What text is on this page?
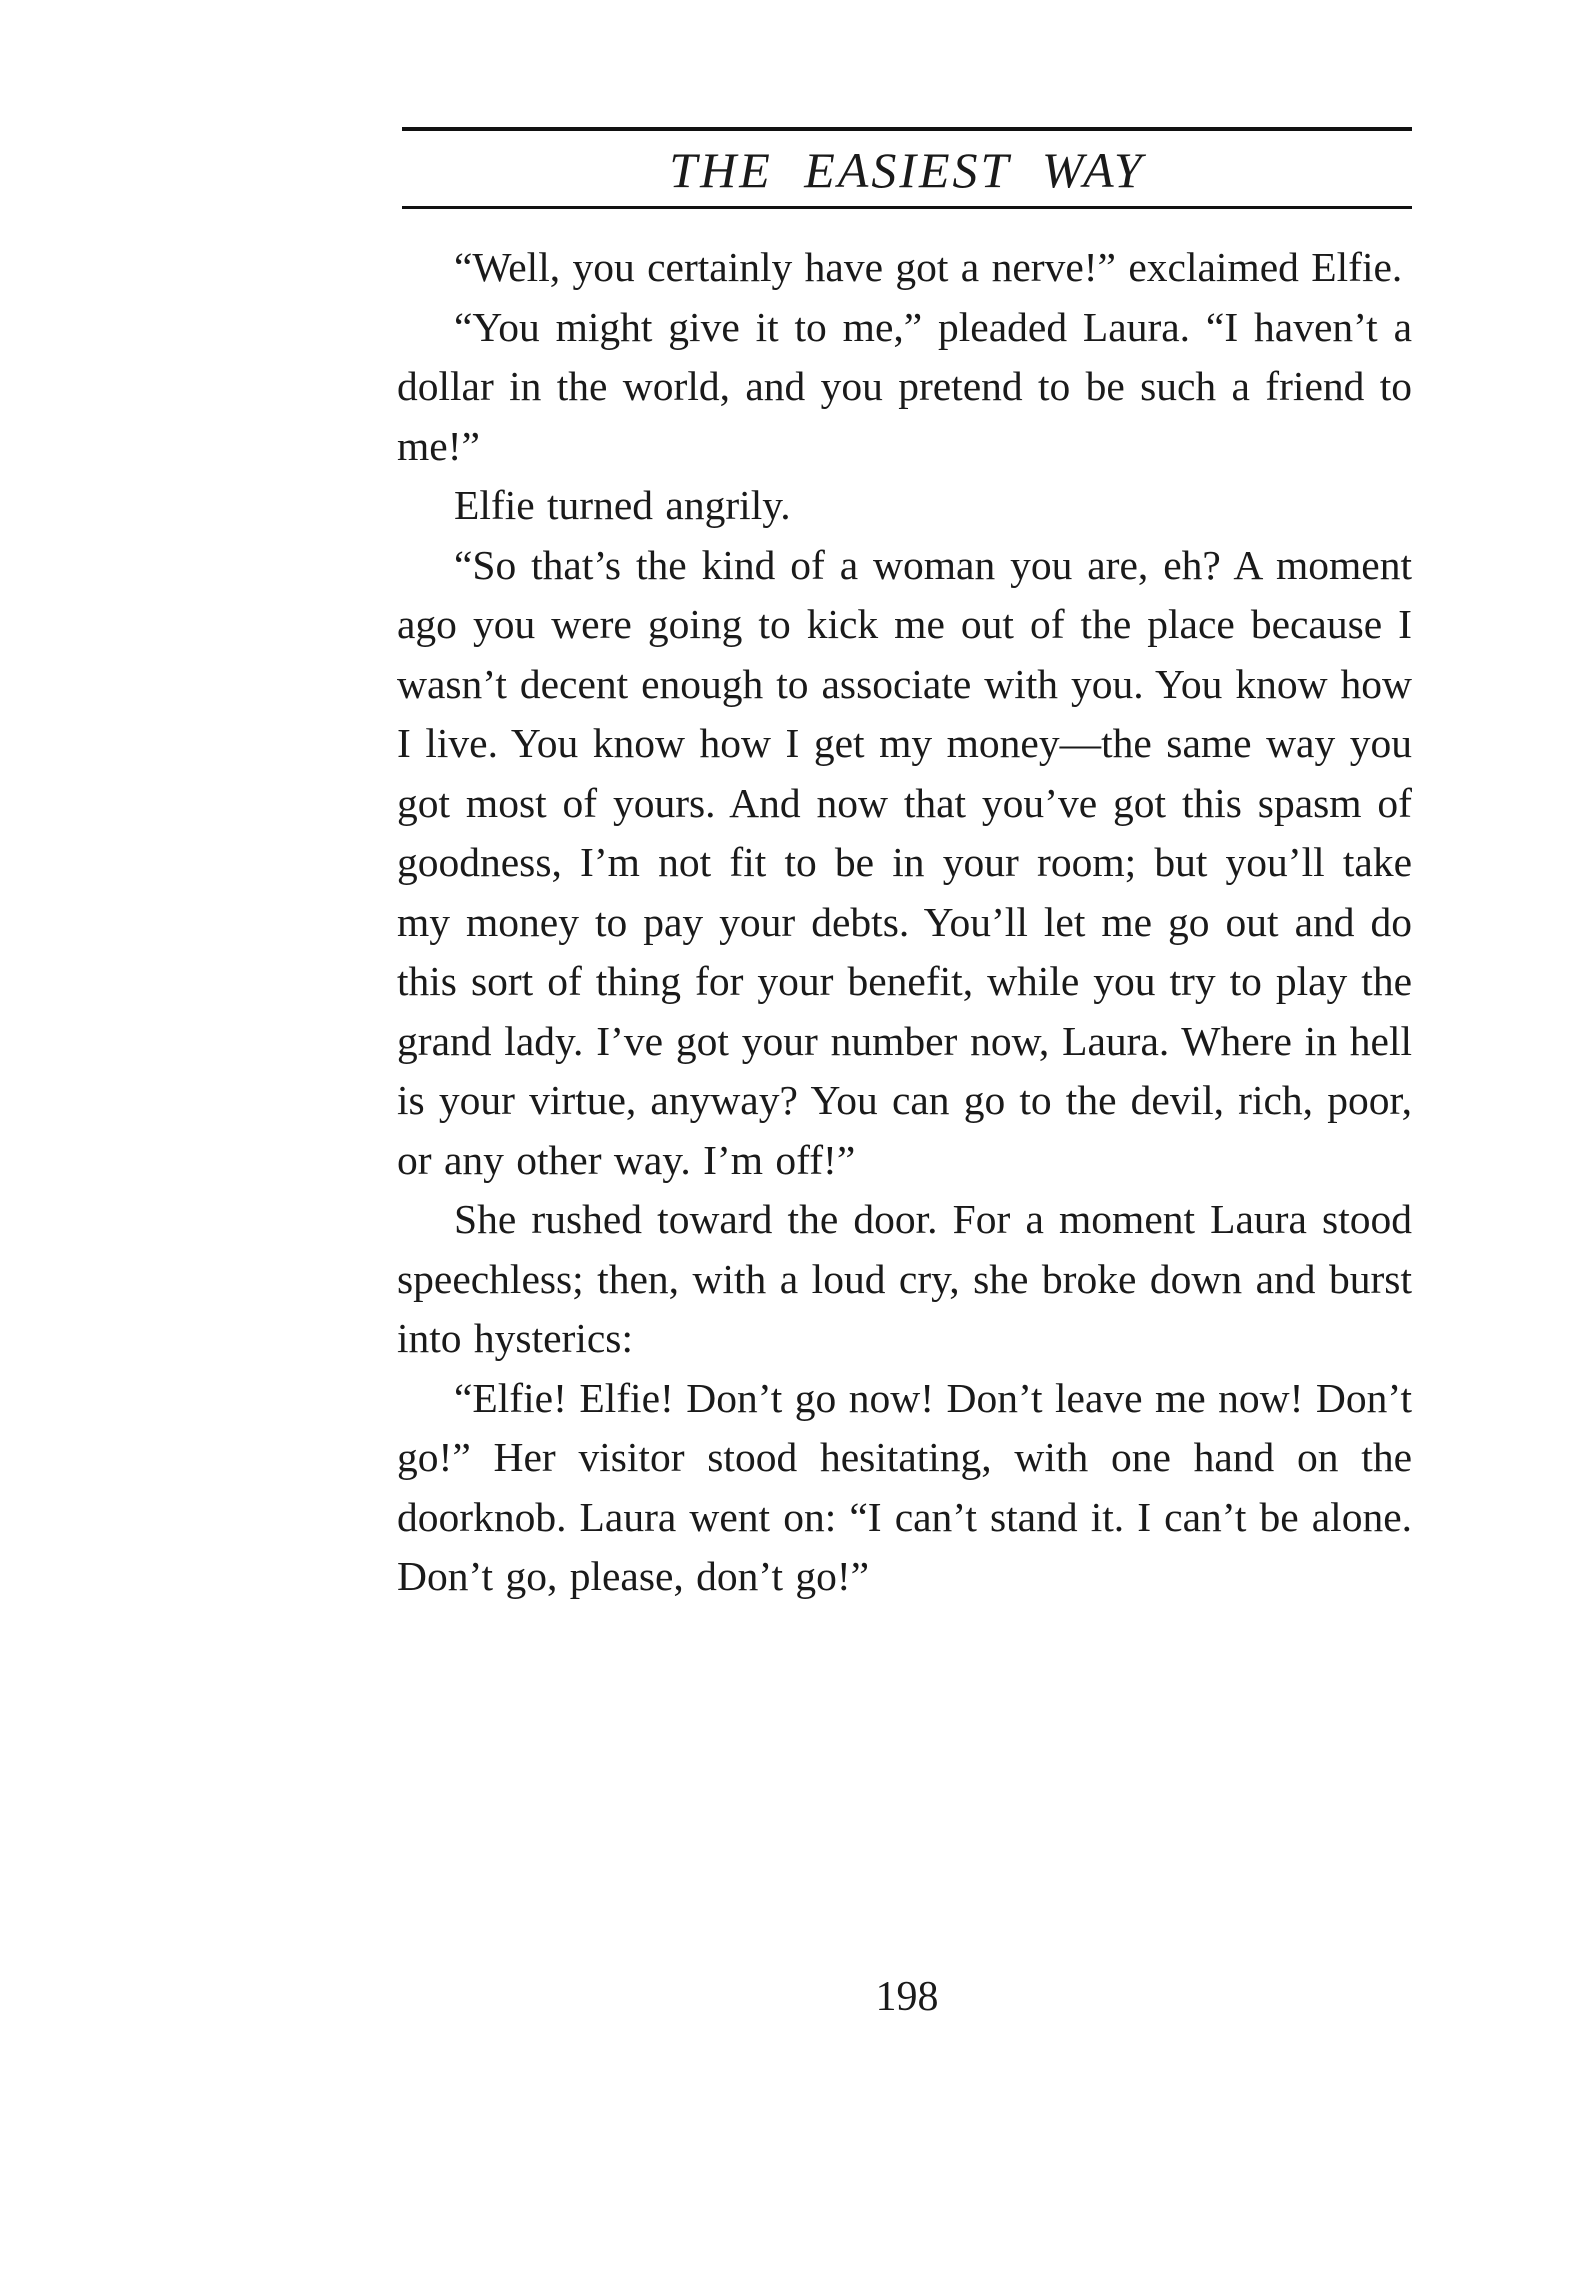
THE EASIEST WAY

“Well, you certainly have got a nerve!” exclaimed Elfie.

“You might give it to me,” pleaded Laura. “I haven’t a dollar in the world, and you pretend to be such a friend to me!”

Elfie turned angrily.

“So that’s the kind of a woman you are, eh? A moment ago you were going to kick me out of the place because I wasn’t decent enough to associate with you. You know how I live. You know how I get my money—the same way you got most of yours. And now that you’ve got this spasm of goodness, I’m not fit to be in your room; but you’ll take my money to pay your debts. You’ll let me go out and do this sort of thing for your benefit, while you try to play the grand lady. I’ve got your number now, Laura. Where in hell is your virtue, anyway? You can go to the devil, rich, poor, or any other way. I’m off!”

She rushed toward the door. For a moment Laura stood speechless; then, with a loud cry, she broke down and burst into hysterics:

“Elfie! Elfie! Don’t go now! Don’t leave me now! Don’t go!” Her visitor stood hesitating, with one hand on the doorknob. Laura went on: “I can’t stand it. I can’t be alone. Don’t go, please, don’t go!”

198
